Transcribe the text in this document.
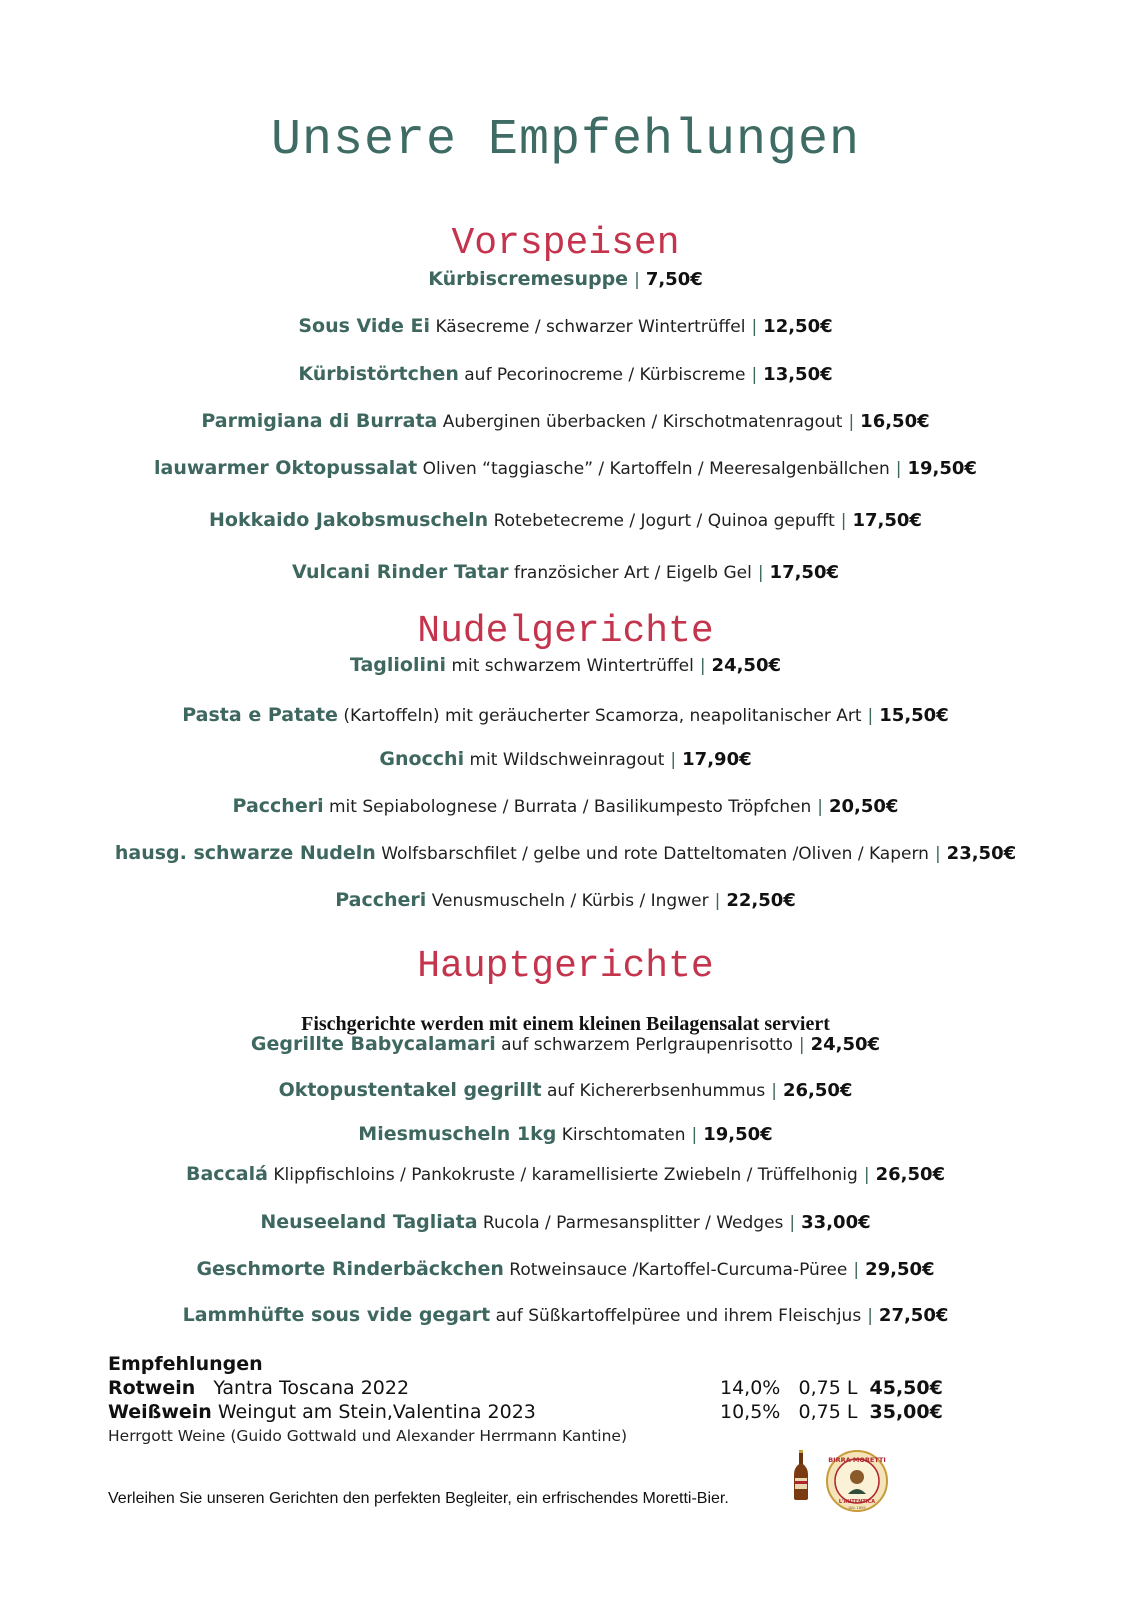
Unsere Empfehlungen
Vorspeisen
Kürbiscremesuppe | 7,50€
Sous Vide Ei Käsecreme / schwarzer Wintertrüffel | 12,50€
Kürbistörtchen auf Pecorinocreme / Kürbiscreme | 13,50€
Parmigiana di Burrata Auberginen überbacken / Kirschotmatenragout | 16,50€
lauwarmer Oktopussalat Oliven “taggiasche” / Kartoffeln / Meeresalgenbällchen | 19,50€
Hokkaido Jakobsmuscheln Rotebetecreme / Jogurt / Quinoa gepufft | 17,50€
Vulcani Rinder Tatar französicher Art / Eigelb Gel | 17,50€
Nudelgerichte
Tagliolini mit schwarzem Wintertrüffel | 24,50€
Pasta e Patate (Kartoffeln) mit geräucherter Scamorza, neapolitanischer Art | 15,50€
Gnocchi mit Wildschweinragout | 17,90€
Paccheri mit Sepiabolognese / Burrata / Basilikumpesto Tröpfchen | 20,50€
hausg. schwarze Nudeln Wolfsbarschfilet / gelbe und rote Datteltomaten /Oliven / Kapern | 23,50€
Paccheri Venusmuscheln / Kürbis / Ingwer | 22,50€
Hauptgerichte
Fischgerichte werden mit einem kleinen Beilagensalat serviert
Gegrillte Babycalamari auf schwarzem Perlgraupenrisotto | 24,50€
Oktopustentakel gegrillt auf Kichererbsenhummus | 26,50€
Miesmuscheln 1kg Kirschtomaten | 19,50€
Baccalá Klippfischloins / Pankokruste / karamellisierte Zwiebeln / Trüffelhonig | 26,50€
Neuseeland Tagliata Rucola / Parmesansplitter / Wedges | 33,00€
Geschmorte Rinderbäckchen Rotweinsauce /Kartoffel-Curcuma-Püree | 29,50€
Lammhüfte sous vide gegart auf Süßkartoffelpüree und ihrem Fleischjus | 27,50€
Empfehlungen
Rotwein Yantra Toscana 2022	14,0% 0,75 L 45,50€
Weißwein Weingut am Stein,Valentina 2023	10,5% 0,75 L 35,00€
Herrgott Weine (Guido Gottwald und Alexander Herrmann Kantine)
Verleihen Sie unseren Gerichten den perfekten Begleiter, ein erfrischendes Moretti-Bier.
BIRRA MORETTI
L'AUTENTICA
DAL 1859
